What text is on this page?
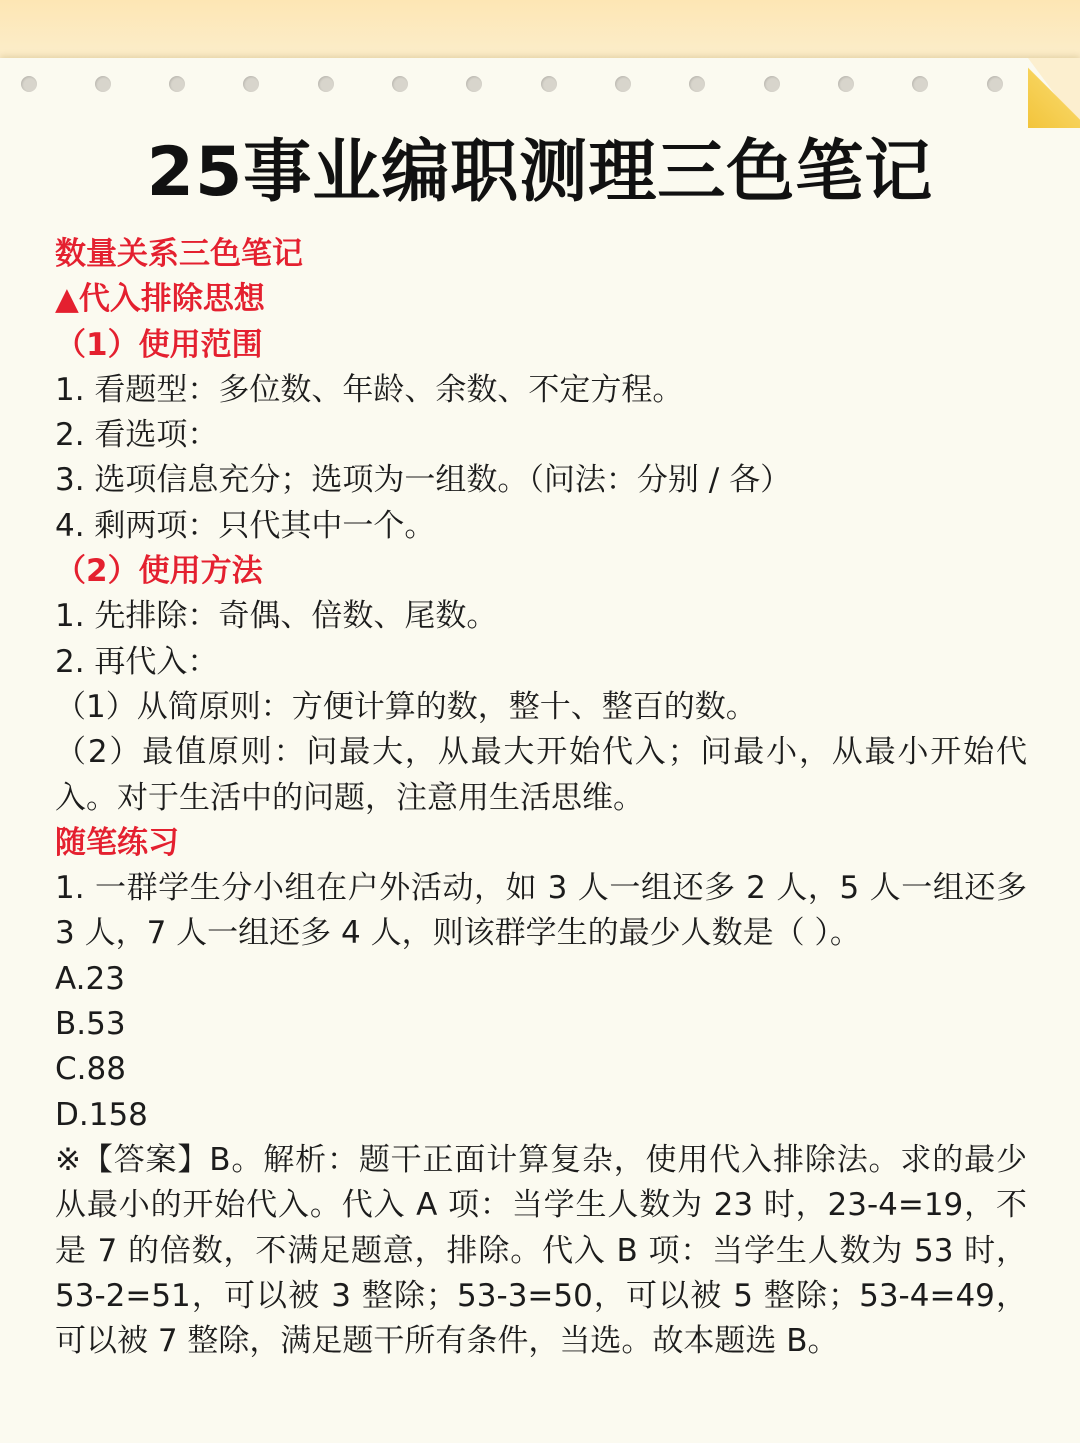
25事业编职测理三色笔记
数量关系三色笔记
▲代入排除思想
（1）使用范围
1. 看题型：多位数、年龄、余数、不定方程。
2. 看选项：
3. 选项信息充分；选项为一组数。（问法：分别 / 各）
4. 剩两项：只代其中一个。
（2）使用方法
1. 先排除：奇偶、倍数、尾数。
2. 再代入：
（1）从简原则：方便计算的数，整十、整百的数。
（2）最值原则：问最大，从最大开始代入；问最小，从最小开始代入。对于生活中的问题，注意用生活思维。
随笔练习
1. 一群学生分小组在户外活动，如 3 人一组还多 2 人，5 人一组还多 3 人，7 人一组还多 4 人，则该群学生的最少人数是（ ）。
A.23
B.53
C.88
D.158
※【答案】B。解析：题干正面计算复杂，使用代入排除法。求的最少从最小的开始代入。代入 A 项：当学生人数为 23 时，23-4=19，不是 7 的倍数，不满足题意，排除。代入 B 项：当学生人数为 53 时，53-2=51，可以被 3 整除；53-3=50，可以被 5 整除；53-4=49，可以被 7 整除，满足题干所有条件，当选。故本题选 B。
